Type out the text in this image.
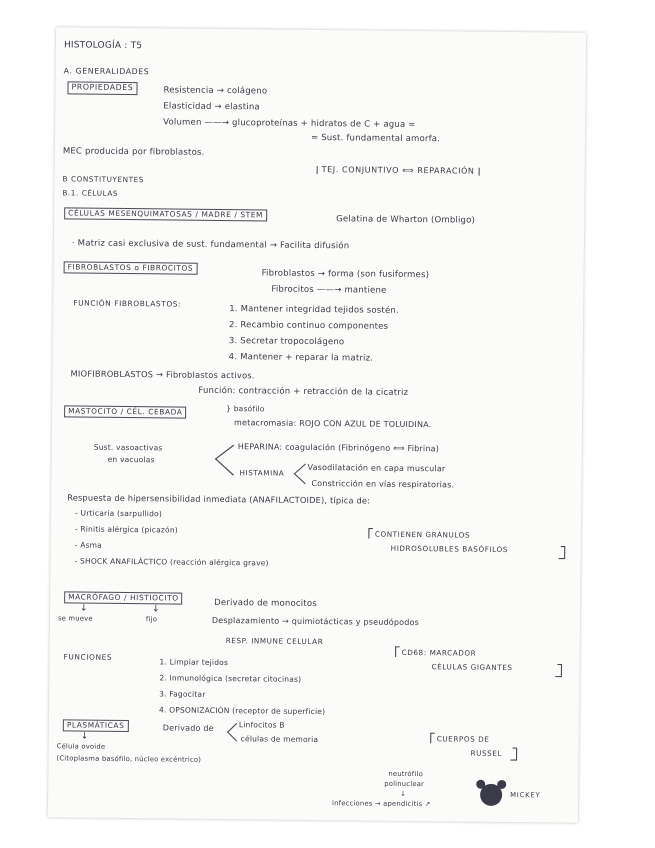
HISTOLOGÍA : T5
A. GENERALIDADES
PROPIEDADES	Resistencia → colágeno
Elasticidad → elastina
Volumen ——→ glucoproteínas + hidratos de C + agua =
= Sust. fundamental amorfa.
MEC producida por fibroblastos.
TEJ. CONJUNTIVO ⟺ REPARACIÓN
B CONSTITUYENTES
B.1. CÉLULAS
CÉLULAS MESENQUIMATOSAS / MADRE / STEM
Gelatina de Wharton (Ombligo)
· Matriz casi exclusiva de sust. fundamental → Facilita difusión
FIBROBLASTOS o FIBROCITOS
Fibroblastos → forma (son fusiformes)
Fibrocitos ——→ mantiene
FUNCIÓN FIBROBLASTOS:
1. Mantener integridad tejidos sostén.
2. Recambio continuo componentes
3. Secretar tropocolágeno
4. Mantener + reparar la matriz.
MIOFIBROBLASTOS → Fibroblastos activos.
Función: contracción + retracción de la cicatriz
MASTOCITO / CÉL. CEBADA	} basófilo
metacromasia: ROJO CON AZUL DE TOLUIDINA.
Sust. vasoactivas
en vacuolas
HEPARINA: coagulación (Fibrinógeno ⟺ Fibrina)
HISTAMINA	Vasodilatación en capa muscular
Constricción en vías respiratorias.
Respuesta de hipersensibilidad inmediata (ANAFILACTOIDE), típica de:
- Urticaria (sarpullido)
- Rinitis alérgica (picazón)
- Asma
- SHOCK ANAFILÁCTICO (reacción alérgica grave)
CONTIENEN GRÁNULOS
HIDROSOLUBLES BASÓFILOS
MACRÓFAGO / HISTIOCITO
↓	↓
se mueve	fijo
Derivado de monocitos
Desplazamiento → quimiotácticas y pseudópodos
RESP. INMUNE CELULAR
CD68: MARCADOR
CÉLULAS GIGANTES
FUNCIONES
1. Limpiar tejidos
2. Inmunológica (secretar citocinas)
3. Fagocitar
4. OPSONIZACIÓN (receptor de superficie)
PLASMÁTICAS
↓
Derivado de	Linfocitos B
células de memoria	CUERPOS DE
RUSSEL
Célula ovoide
(Citoplasma basófilo, núcleo excéntrico)
neutrófilo
polinuclear
↓
infecciones → apendicitis ↗
MICKEY
